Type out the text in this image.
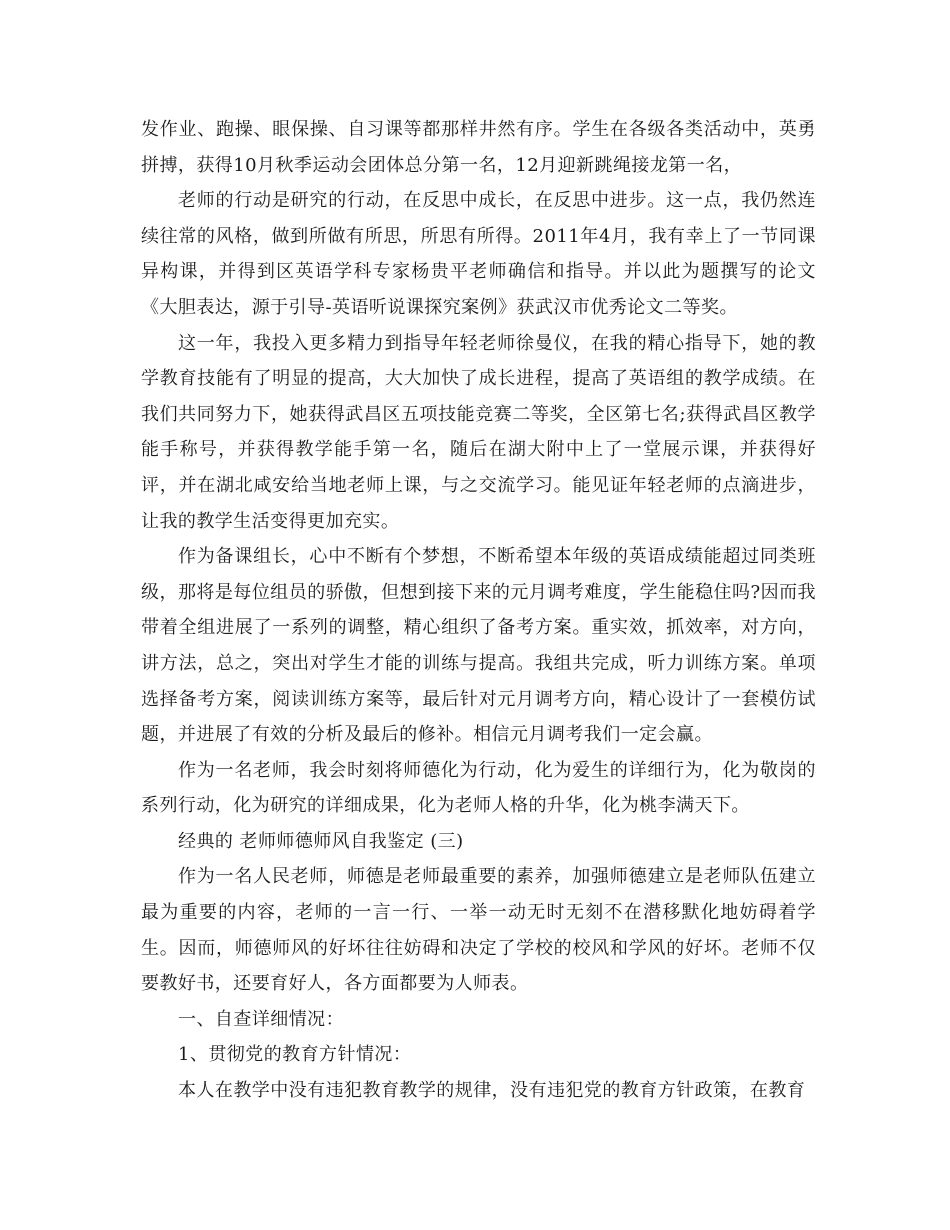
发作业、跑操、眼保操、自习课等都那样井然有序。学生在各级各类活动中，英勇拼搏，获得10月秋季运动会团体总分第一名，12月迎新跳绳接龙第一名，

老师的行动是研究的行动，在反思中成长，在反思中进步。这一点，我仍然连续往常的风格，做到所做有所思，所思有所得。2011年4月，我有幸上了一节同课异构课，并得到区英语学科专家杨贵平老师确信和指导。并以此为题撰写的论文《大胆表达，源于引导-英语听说课探究案例》获武汉市优秀论文二等奖。

这一年，我投入更多精力到指导年轻老师徐曼仪，在我的精心指导下，她的教学教育技能有了明显的提高，大大加快了成长进程，提高了英语组的教学成绩。在我们共同努力下，她获得武昌区五项技能竞赛二等奖，全区第七名;获得武昌区教学能手称号，并获得教学能手第一名，随后在湖大附中上了一堂展示课，并获得好评，并在湖北咸安给当地老师上课，与之交流学习。能见证年轻老师的点滴进步，让我的教学生活变得更加充实。

作为备课组长，心中不断有个梦想，不断希望本年级的英语成绩能超过同类班级，那将是每位组员的骄傲，但想到接下来的元月调考难度，学生能稳住吗?因而我带着全组进展了一系列的调整，精心组织了备考方案。重实效，抓效率，对方向，讲方法，总之，突出对学生才能的训练与提高。我组共完成，听力训练方案。单项选择备考方案，阅读训练方案等，最后针对元月调考方向，精心设计了一套模仿试题，并进展了有效的分析及最后的修补。相信元月调考我们一定会赢。

作为一名老师，我会时刻将师德化为行动，化为爱生的详细行为，化为敬岗的系列行动，化为研究的详细成果，化为老师人格的升华，化为桃李满天下。

经典的 老师师德师风自我鉴定 (三)

作为一名人民老师，师德是老师最重要的素养，加强师德建立是老师队伍建立最为重要的内容，老师的一言一行、一举一动无时无刻不在潜移默化地妨碍着学生。因而，师德师风的好坏往往妨碍和决定了学校的校风和学风的好坏。老师不仅要教好书，还要育好人，各方面都要为人师表。

一、自查详细情况：

1、贯彻党的教育方针情况：

本人在教学中没有违犯教育教学的规律，没有违犯党的教育方针政策，在教育
